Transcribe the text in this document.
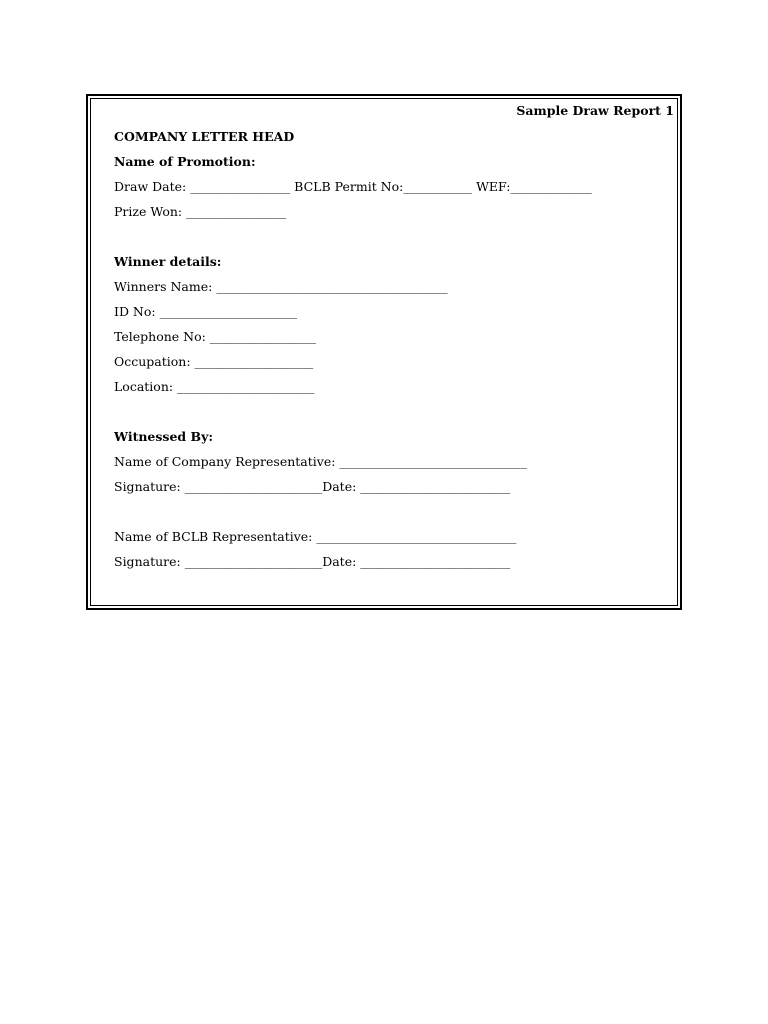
Sample Draw Report 1
COMPANY LETTER HEAD
Name of Promotion:
Draw Date: ________________ BCLB Permit No:___________ WEF:_____________
Prize Won: ________________
Winner details:
Winners Name: _____________________________________
ID No: ______________________
Telephone No: _________________
Occupation: ___________________
Location: ______________________
Witnessed By:
Name of Company Representative: ______________________________
Signature: ______________________Date: ________________________
Name of BCLB Representative: ________________________________
Signature: ______________________Date: ________________________
